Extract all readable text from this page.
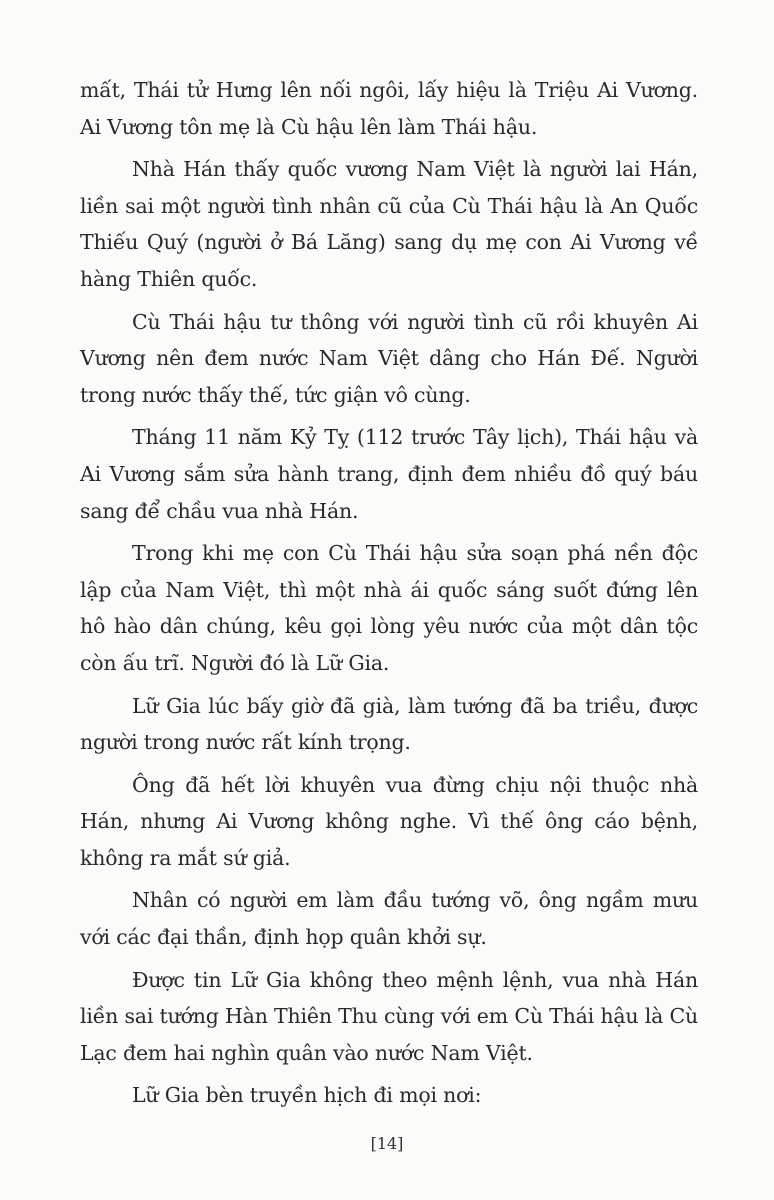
mất, Thái tử Hưng lên nối ngôi, lấy hiệu là Triệu Ai Vương. Ai Vương tôn mẹ là Cù hậu lên làm Thái hậu.

Nhà Hán thấy quốc vương Nam Việt là người lai Hán, liền sai một người tình nhân cũ của Cù Thái hậu là An Quốc Thiếu Quý (người ở Bá Lăng) sang dụ mẹ con Ai Vương về hàng Thiên quốc.

Cù Thái hậu tư thông với người tình cũ rồi khuyên Ai Vương nên đem nước Nam Việt dâng cho Hán Đế. Người trong nước thấy thế, tức giận vô cùng.

Tháng 11 năm Kỷ Tỵ (112 trước Tây lịch), Thái hậu và Ai Vương sắm sửa hành trang, định đem nhiều đồ quý báu sang để chầu vua nhà Hán.

Trong khi mẹ con Cù Thái hậu sửa soạn phá nền độc lập của Nam Việt, thì một nhà ái quốc sáng suốt đứng lên hô hào dân chúng, kêu gọi lòng yêu nước của một dân tộc còn ấu trĩ. Người đó là Lữ Gia.

Lữ Gia lúc bấy giờ đã già, làm tướng đã ba triều, được người trong nước rất kính trọng.

Ông đã hết lời khuyên vua đừng chịu nội thuộc nhà Hán, nhưng Ai Vương không nghe. Vì thế ông cáo bệnh, không ra mắt sứ giả.

Nhân có người em làm đầu tướng võ, ông ngầm mưu với các đại thần, định họp quân khởi sự.

Được tin Lữ Gia không theo mệnh lệnh, vua nhà Hán liền sai tướng Hàn Thiên Thu cùng với em Cù Thái hậu là Cù Lạc đem hai nghìn quân vào nước Nam Việt.

Lữ Gia bèn truyền hịch đi mọi nơi:

[14]
